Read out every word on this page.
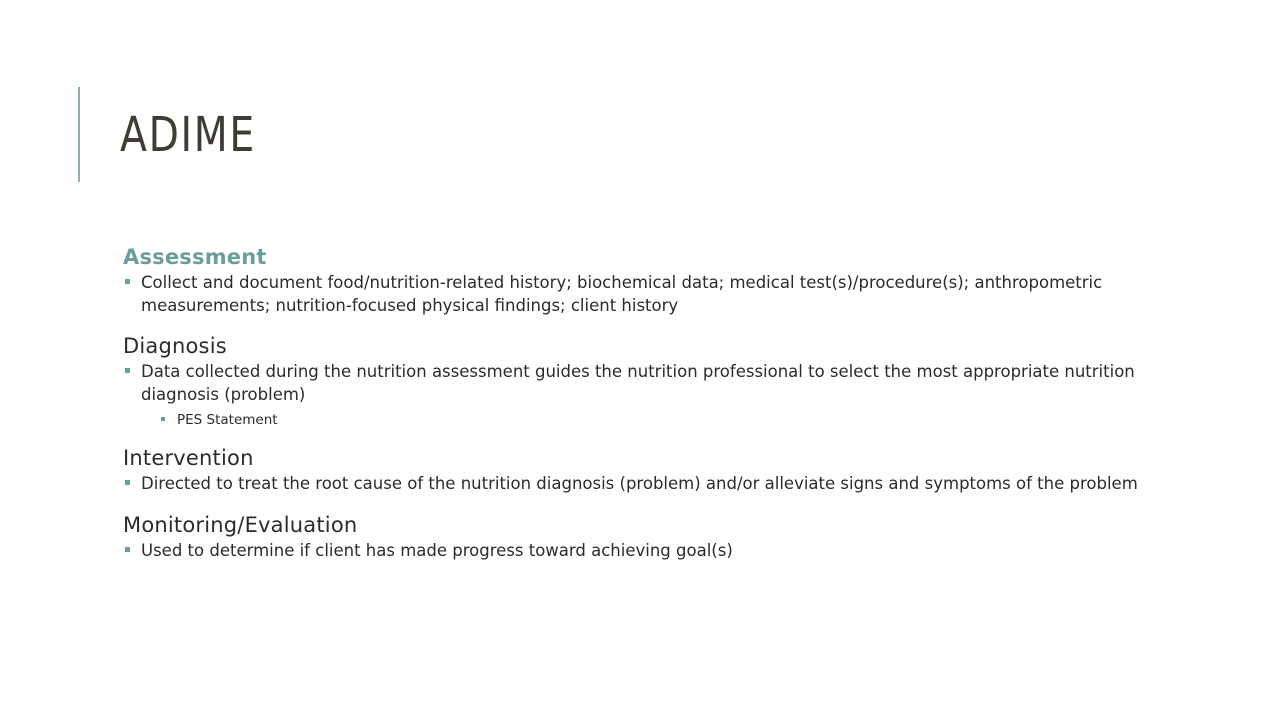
ADIME

Assessment

Collect and document food/nutrition-related history; biochemical data; medical test(s)/procedure(s); anthropometric measurements; nutrition-focused physical findings; client history

Diagnosis

Data collected during the nutrition assessment guides the nutrition professional to select the most appropriate nutrition diagnosis (problem)
PES Statement

Intervention

Directed to treat the root cause of the nutrition diagnosis (problem) and/or alleviate signs and symptoms of the problem

Monitoring/Evaluation

Used to determine if client has made progress toward achieving goal(s)
